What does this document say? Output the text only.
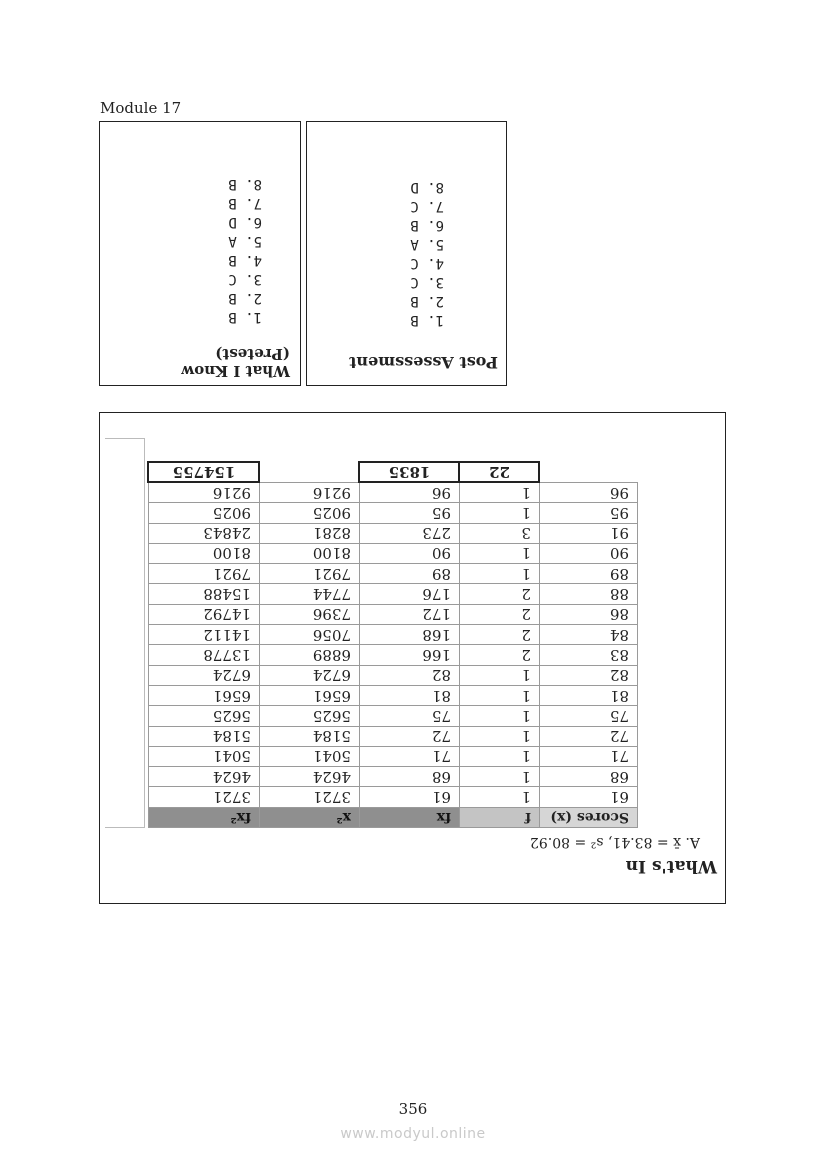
Module 17
What I Know (Pretest)
1. B
2. B
3. C
4. B
5. A
6. D
7. B
8. B
Post Assessment
1. B
2. B
3. C
4. C
5. A
6. B
7. C
8. D
What's In
A. x̄ = 83.41, s² = 80.92
Scores (x)	f	fx	x²	fx²
61	1	61	3721	3721
68	1	68	4624	4624
71	1	71	5041	5041
72	1	72	5184	5184
75	1	75	5625	5625
81	1	81	6561	6561
82	1	82	6724	6724
83	2	166	6889	13778
84	2	168	7056	14112
86	2	172	7396	14792
88	2	176	7744	15488
89	1	89	7921	7921
90	1	90	8100	8100
91	3	273	8281	24843
95	1	95	9025	9025
96	1	96	9216	9216
	22	1835		154755
356
www.modyul.online
